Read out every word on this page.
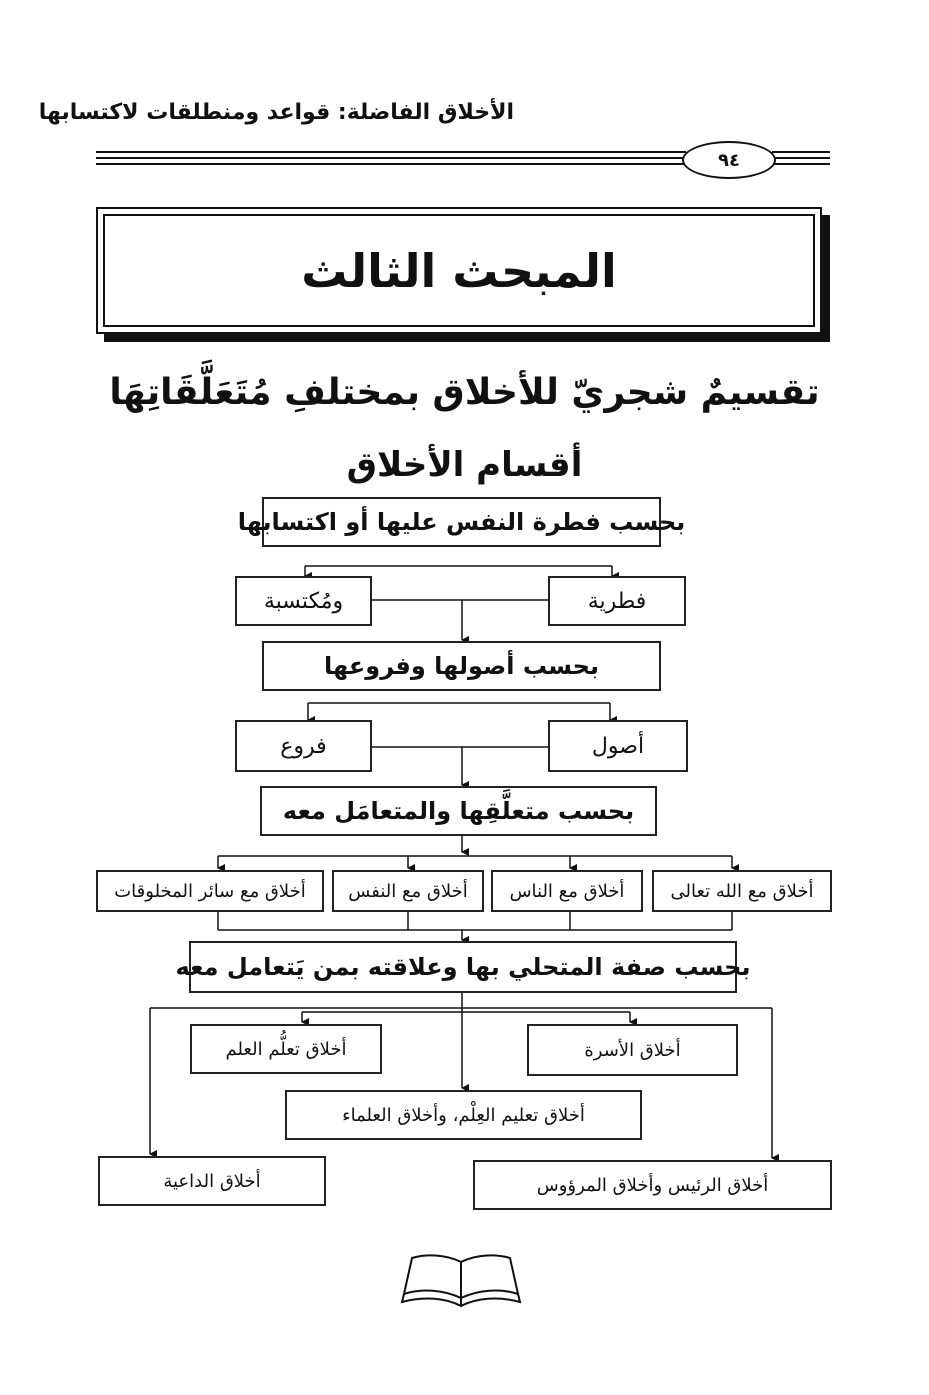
الأخلاق الفاضلة: قواعد ومنطلقات لاكتسابها
٩٤
المبحث الثالث
تقسيمٌ شجريّ للأخلاق بمختلفِ مُتَعَلَّقَاتِهَا
أقسام الأخلاق
بحسب فطرة النفس عليها أو اكتسابها
فطرية
ومُكتسبة
بحسب أصولها وفروعها
أصول
فروع
بحسب متعلَّقِها والمتعامَل معه
أخلاق مع الله تعالى
أخلاق مع الناس
أخلاق مع النفس
أخلاق مع سائر المخلوقات
بحسب صفة المتحلي بها وعلاقته بمن يَتعامل معه
أخلاق الأسرة
أخلاق تعلُّم العلم
أخلاق تعليم العِلْم، وأخلاق العلماء
أخلاق الرئيس وأخلاق المرؤوس
أخلاق الداعية
